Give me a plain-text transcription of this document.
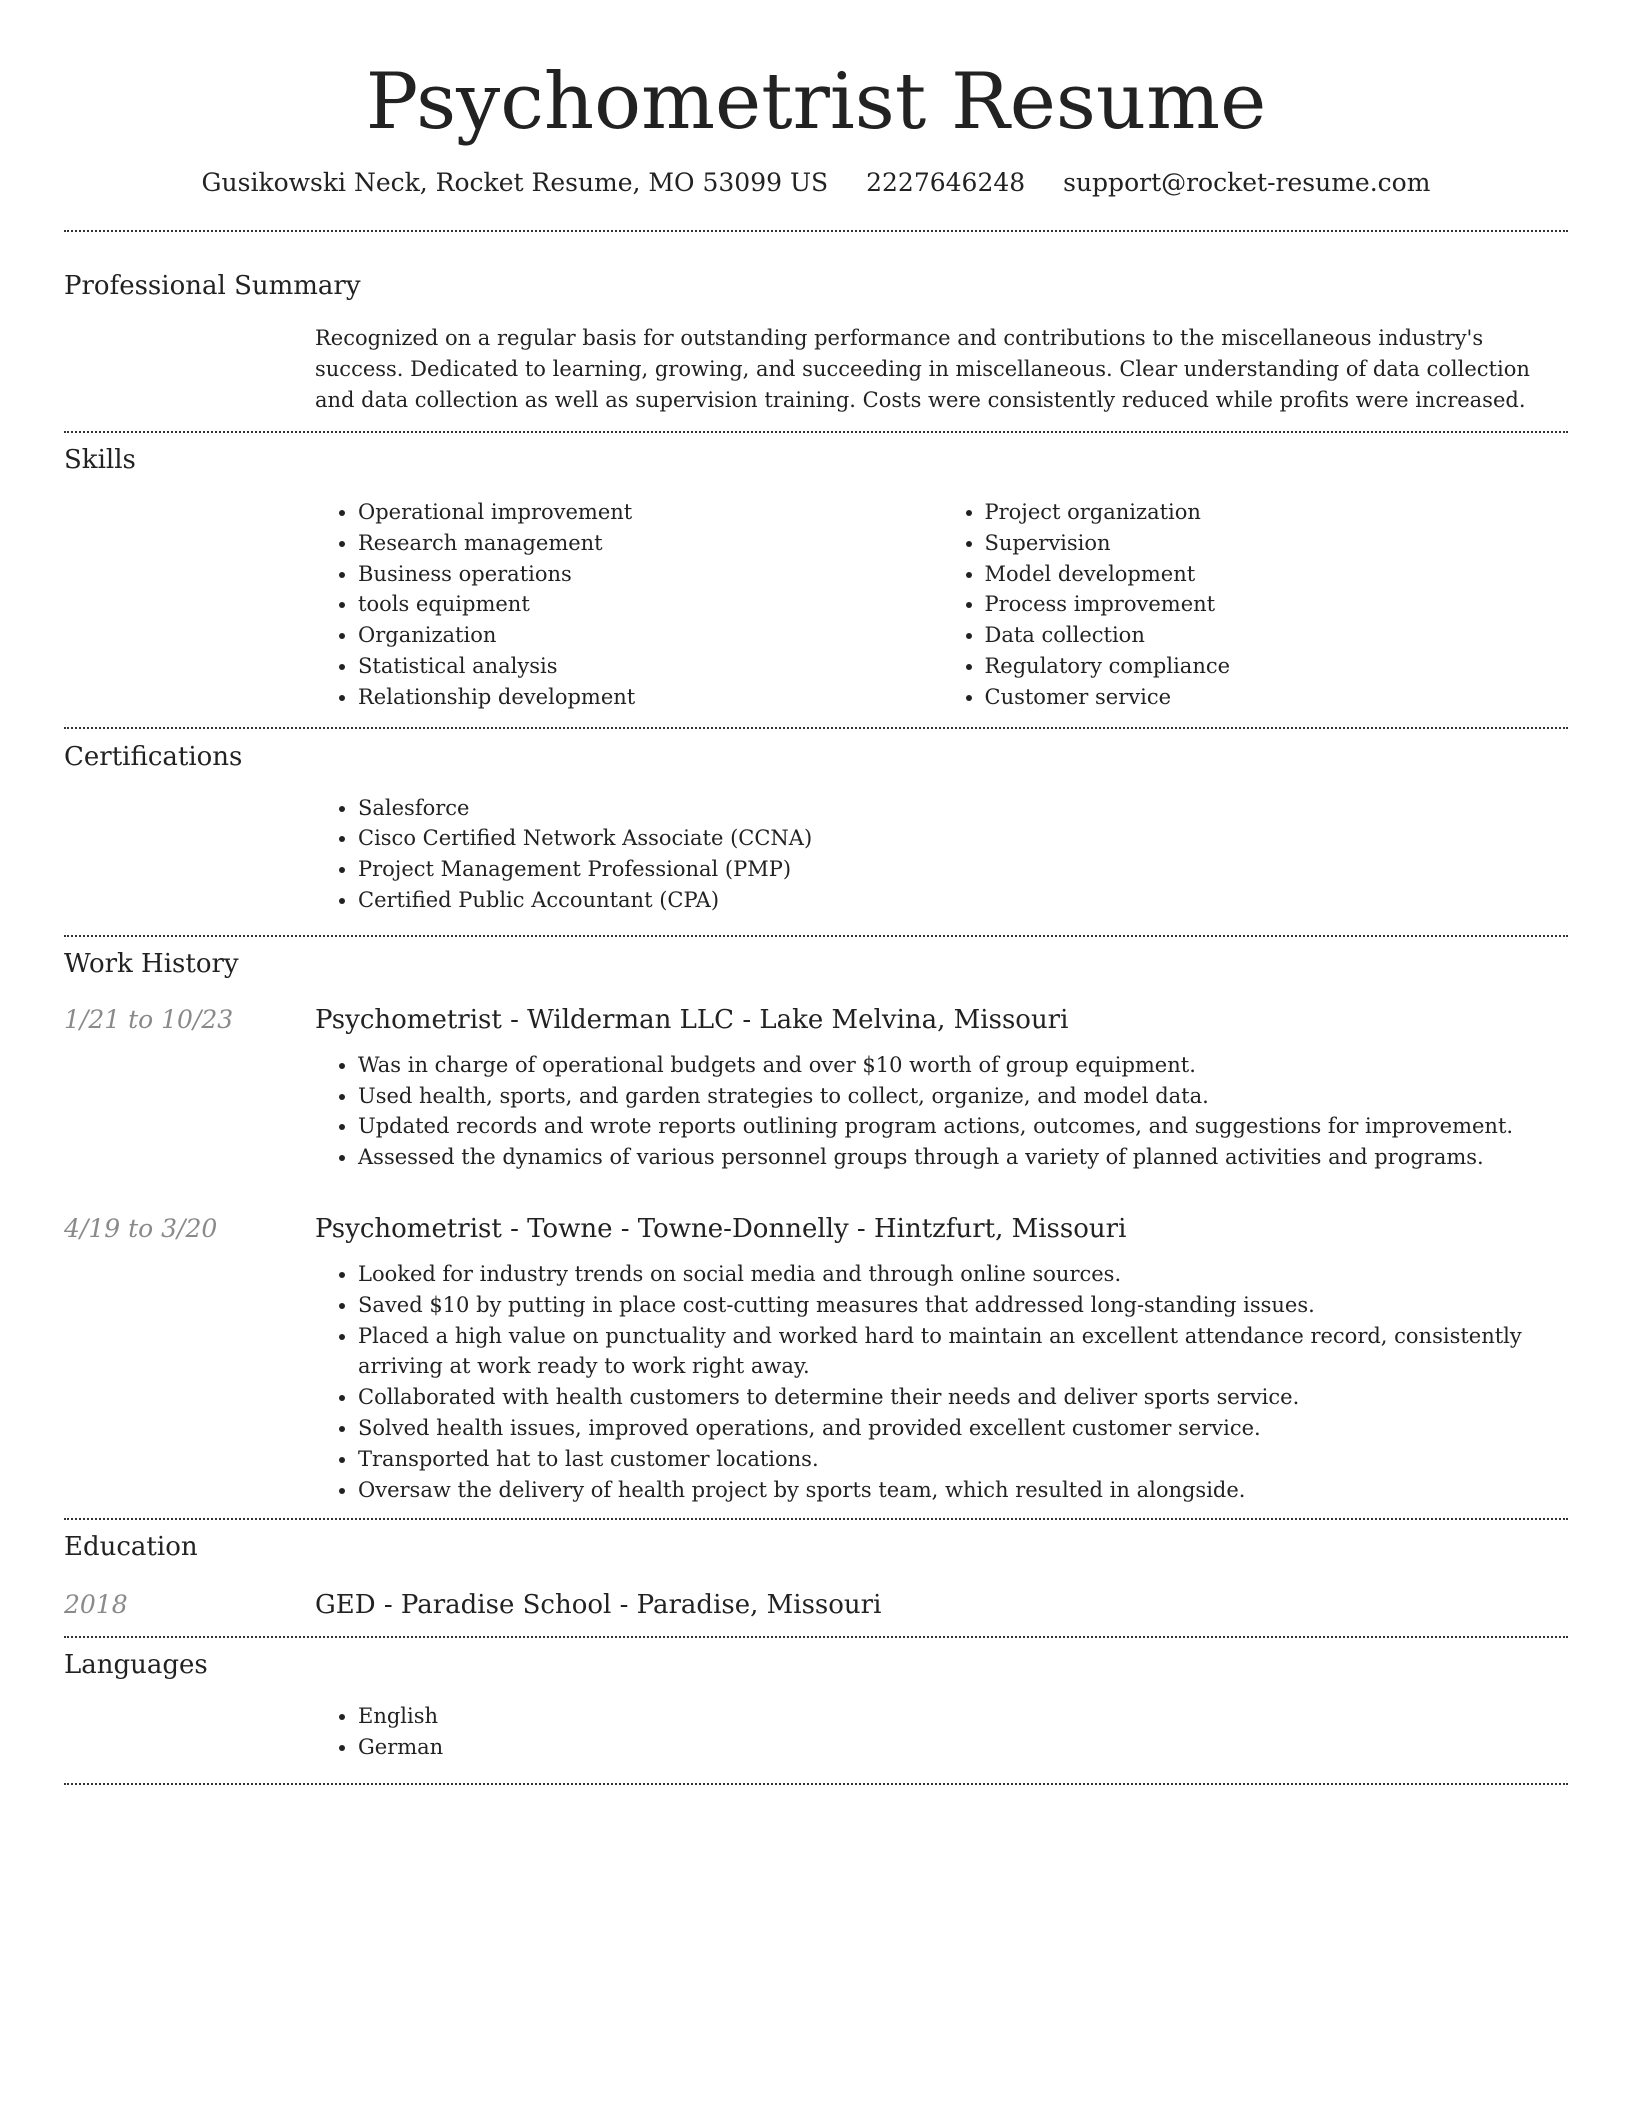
Psychometrist Resume
Gusikowski Neck, Rocket Resume, MO 53099 US 2227646248 support@rocket-resume.com
Professional Summary

Recognized on a regular basis for outstanding performance and contributions to the miscellaneous industry's success. Dedicated to learning, growing, and succeeding in miscellaneous. Clear understanding of data collection and data collection as well as supervision training. Costs were consistently reduced while profits were increased.

Skills
• Operational improvement
• Research management
• Business operations
• tools equipment
• Organization
• Statistical analysis
• Relationship development
• Project organization
• Supervision
• Model development
• Process improvement
• Data collection
• Regulatory compliance
• Customer service
Certifications
• Salesforce
• Cisco Certified Network Associate (CCNA)
• Project Management Professional (PMP)
• Certified Public Accountant (CPA)
Work History
1/21 to 10/23	Psychometrist - Wilderman LLC - Lake Melvina, Missouri
• Was in charge of operational budgets and over $10 worth of group equipment.
• Used health, sports, and garden strategies to collect, organize, and model data.
• Updated records and wrote reports outlining program actions, outcomes, and suggestions for improvement.
• Assessed the dynamics of various personnel groups through a variety of planned activities and programs.
4/19 to 3/20	Psychometrist - Towne - Towne-Donnelly - Hintzfurt, Missouri
• Looked for industry trends on social media and through online sources.
• Saved $10 by putting in place cost-cutting measures that addressed long-standing issues.
• Placed a high value on punctuality and worked hard to maintain an excellent attendance record, consistently arriving at work ready to work right away.
• Collaborated with health customers to determine their needs and deliver sports service.
• Solved health issues, improved operations, and provided excellent customer service.
• Transported hat to last customer locations.
• Oversaw the delivery of health project by sports team, which resulted in alongside.
Education
2018	GED - Paradise School - Paradise, Missouri
Languages
• English
• German
